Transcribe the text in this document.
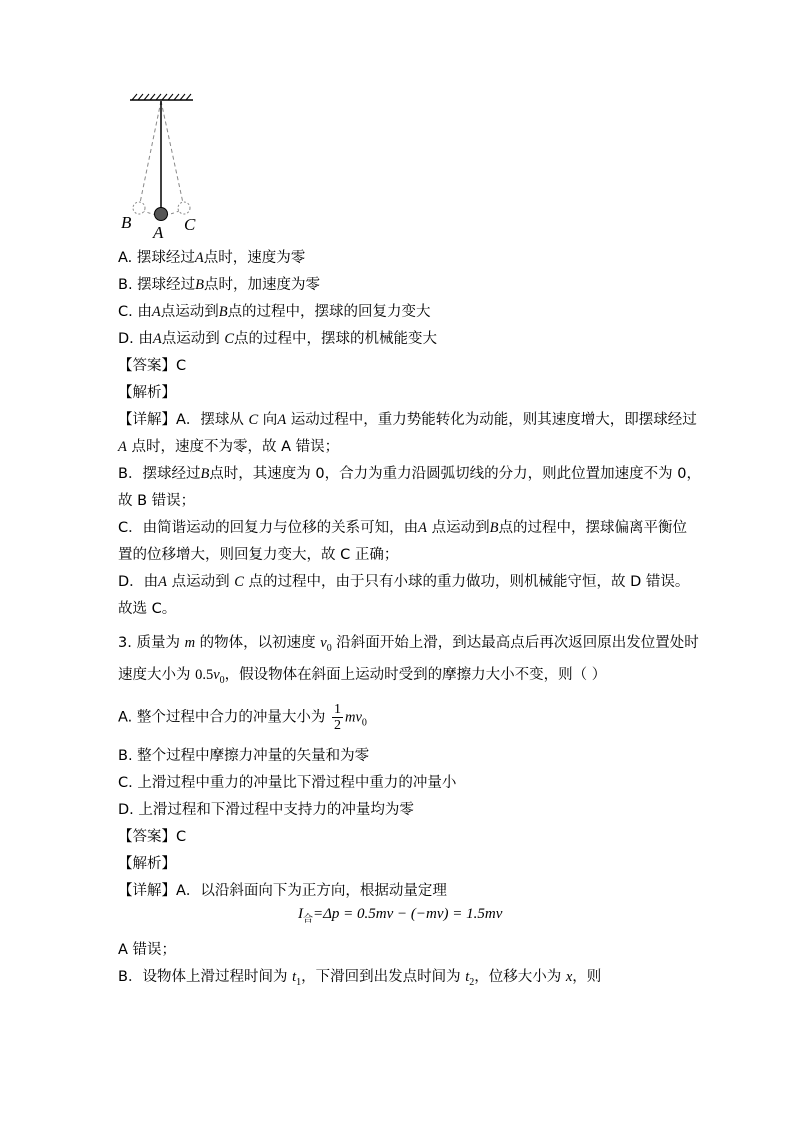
B
A C
A. 摆球经过A点时，速度为零
B. 摆球经过B点时，加速度为零
C. 由A点运动到B点的过程中，摆球的回复力变大
D. 由A点运动到 C点的过程中，摆球的机械能变大
【答案】C
【解析】
【详解】A．摆球从 C 向A 运动过程中，重力势能转化为动能，则其速度增大，即摆球经过
A 点时，速度不为零，故 A 错误；
B．摆球经过B点时，其速度为 0，合力为重力沿圆弧切线的分力，则此位置加速度不为 0，
故 B 错误；
C．由简谐运动的回复力与位移的关系可知，由A 点运动到B点的过程中，摆球偏离平衡位
置的位移增大，则回复力变大，故 C 正确；
D．由A 点运动到 C 点的过程中，由于只有小球的重力做功，则机械能守恒，故 D 错误。
故选 C。
3. 质量为 m 的物体，以初速度 $v_0$ 沿斜面开始上滑，到达最高点后再次返回原出发位置处时
速度大小为 $0.5v_0$，假设物体在斜面上运动时受到的摩擦力大小不变，则（ ）
A. 整个过程中合力的冲量大小为 $\frac{1}{2} mv_0$
B. 整个过程中摩擦力冲量的矢量和为零
C. 上滑过程中重力的冲量比下滑过程中重力的冲量小
D. 上滑过程和下滑过程中支持力的冲量均为零
【答案】C
【解析】
【详解】A．以沿斜面向下为正方向，根据动量定理
$I_合=\Delta p = 0.5mv - (-mv) = 1.5mv$
A 错误；
B．设物体上滑过程时间为 $t_1$，下滑回到出发点时间为 $t_2$，位移大小为 x，则
